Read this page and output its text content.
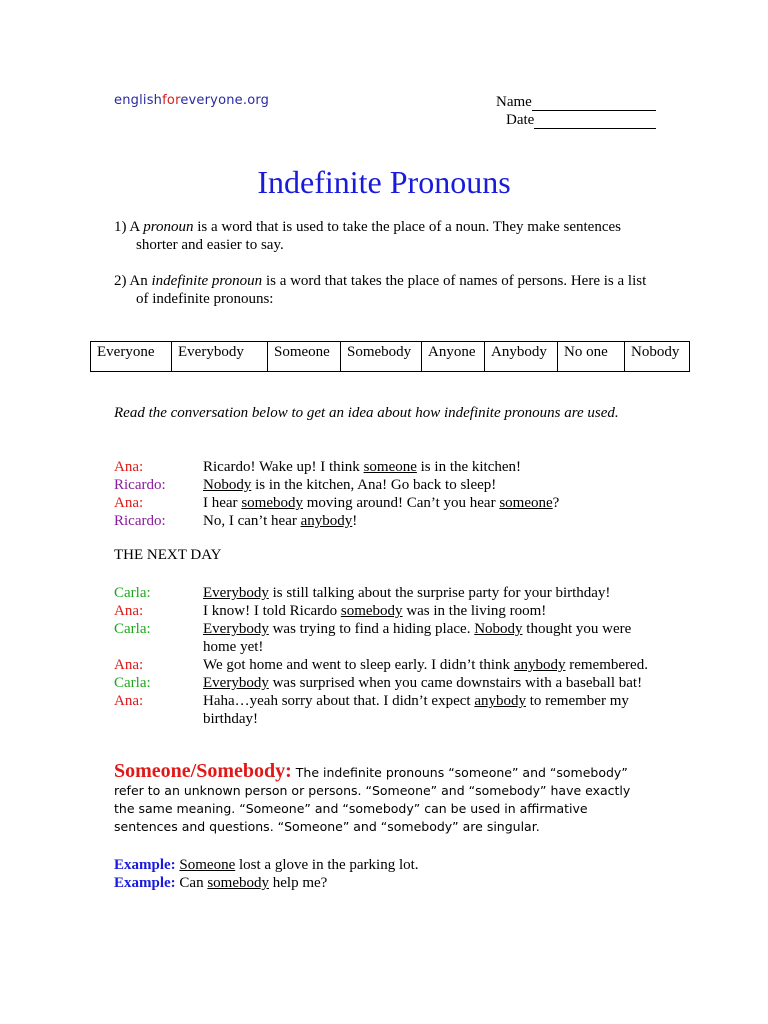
englishforeveryone.org	Name
Date
Indefinite Pronouns
1) A pronoun is a word that is used to take the place of a noun. They make sentences
shorter and easier to say.
2) An indefinite pronoun is a word that takes the place of names of persons. Here is a list
of indefinite pronouns:
Everyone	Everybody	Someone	Somebody	Anyone	Anybody	No one	Nobody
Read the conversation below to get an idea about how indefinite pronouns are used.
Ana:	Ricardo! Wake up! I think someone is in the kitchen!
Ricardo:	Nobody is in the kitchen, Ana! Go back to sleep!
Ana:	I hear somebody moving around! Can’t you hear someone?
Ricardo:	No, I can’t hear anybody!
THE NEXT DAY
Carla:	Everybody is still talking about the surprise party for your birthday!
Ana:	I know! I told Ricardo somebody was in the living room!
Carla:	Everybody was trying to find a hiding place. Nobody thought you were home yet!
Ana:	We got home and went to sleep early. I didn’t think anybody remembered.
Carla:	Everybody was surprised when you came downstairs with a baseball bat!
Ana:	Haha…yeah sorry about that. I didn’t expect anybody to remember my birthday!
Someone/Somebody: The indefinite pronouns “someone” and “somebody” refer to an unknown person or persons. “Someone” and “somebody” have exactly the same meaning. “Someone” and “somebody” can be used in affirmative sentences and questions. “Someone” and “somebody” are singular.
Example: Someone lost a glove in the parking lot.
Example: Can somebody help me?
